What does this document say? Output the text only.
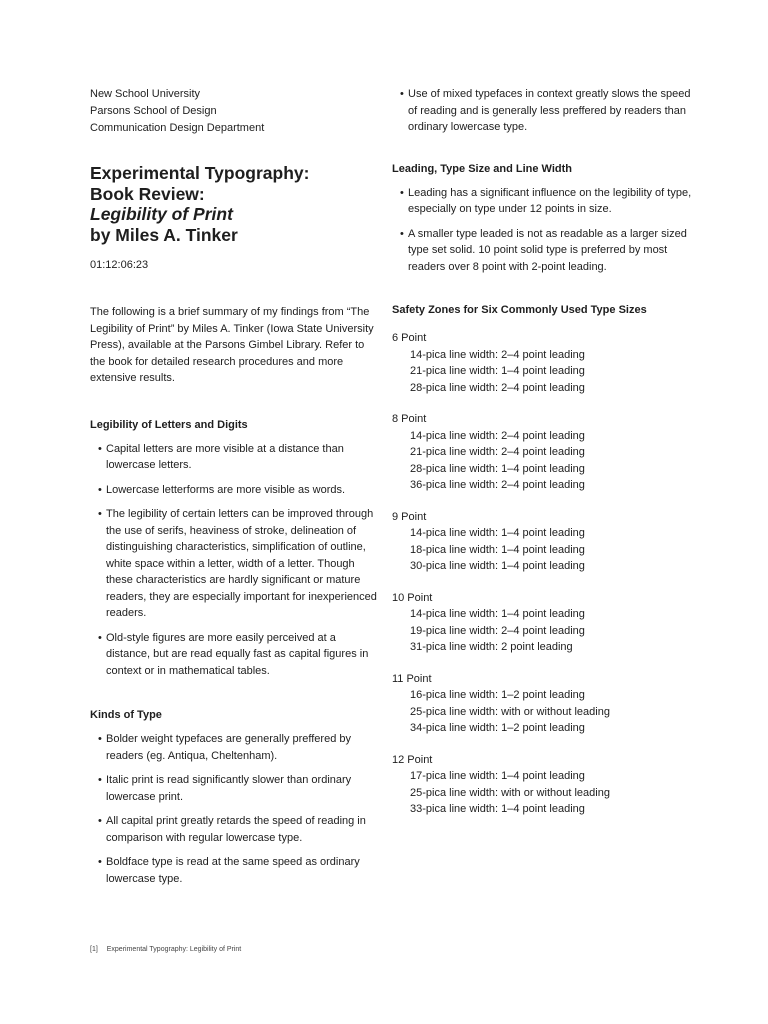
New School University
Parsons School of Design
Communication Design Department
Experimental Typography:
Book Review:
Legibility of Print
by Miles A. Tinker
01:12:06:23
The following is a brief summary of my findings from “The Legibility of Print” by Miles A. Tinker (Iowa State University Press), available at the Parsons Gimbel Library. Refer to the book for detailed research procedures and more extensive results.
Legibility of Letters and Digits
• Capital letters are more visible at a distance than lowercase letters.
• Lowercase letterforms are more visible as words.
• The legibility of certain letters can be improved through the use of serifs, heaviness of stroke, delineation of distinguishing characteristics, simplification of outline, white space within a letter, width of a letter. Though these characteristics are hardly significant or mature readers, they are especially important for inexperienced readers.
• Old-style figures are more easily perceived at a distance, but are read equally fast as capital figures in context or in mathematical tables.
Kinds of Type
• Bolder weight typefaces are generally preffered by readers (eg. Antiqua, Cheltenham).
• Italic print is read significantly slower than ordinary lowercase print.
• All capital print greatly retards the speed of reading in comparison with regular lowercase type.
• Boldface type is read at the same speed as ordinary lowercase type.
• Use of mixed typefaces in context greatly slows the speed of reading and is generally less preffered by readers than ordinary lowercase type.
Leading, Type Size and Line Width
• Leading has a significant influence on the legibility of type, especially on type under 12 points in size.
• A smaller type leaded is not as readable as a larger sized type set solid. 10 point solid type is preferred by most readers over 8 point with 2-point leading.
Safety Zones for Six Commonly Used Type Sizes
6 Point
14-pica line width: 2–4 point leading
21-pica line width: 1–4 point leading
28-pica line width: 2–4 point leading
8 Point
14-pica line width: 2–4 point leading
21-pica line width: 2–4 point leading
28-pica line width: 1–4 point leading
36-pica line width: 2–4 point leading
9 Point
14-pica line width: 1–4 point leading
18-pica line width: 1–4 point leading
30-pica line width: 1–4 point leading
10 Point
14-pica line width: 1–4 point leading
19-pica line width: 2–4 point leading
31-pica line width: 2 point leading
11 Point
16-pica line width: 1–2 point leading
25-pica line width: with or without leading
34-pica line width: 1–2 point leading
12 Point
17-pica line width: 1–4 point leading
25-pica line width: with or without leading
33-pica line width: 1–4 point leading
[1] Experimental Typography: Legibility of Print
